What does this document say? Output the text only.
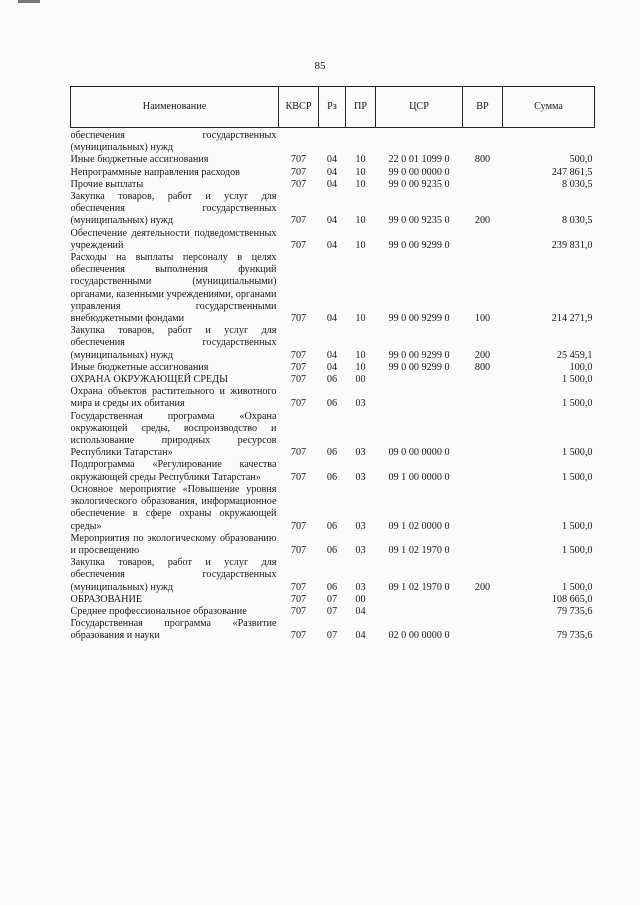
85
Наименование	КВСР	Рз	ПР	ЦСР	ВР	Сумма
обеспечения государственных (муниципальных) нужд						
Иные бюджетные ассигнования	707	04	10	22 0 01 1099 0	800	500,0
Непрограммные направления расходов	707	04	10	99 0 00 0000 0		247 861,5
Прочие выплаты	707	04	10	99 0 00 9235 0		8 030,5
Закупка товаров, работ и услуг для обеспечения государственных (муниципальных) нужд	707	04	10	99 0 00 9235 0	200	8 030,5
Обеспечение деятельности подведомственных учреждений	707	04	10	99 0 00 9299 0		239 831,0
Расходы на выплаты персоналу в целях обеспечения выполнения функций государственными (муниципальными) органами, казенными учреждениями, органами управления государственными внебюджетными фондами	707	04	10	99 0 00 9299 0	100	214 271,9
Закупка товаров, работ и услуг для обеспечения государственных (муниципальных) нужд	707	04	10	99 0 00 9299 0	200	25 459,1
Иные бюджетные ассигнования	707	04	10	99 0 00 9299 0	800	100,0
ОХРАНА ОКРУЖАЮЩЕЙ СРЕДЫ	707	06	00			1 500,0
Охрана объектов растительного и животного мира и среды их обитания	707	06	03			1 500,0
Государственная программа «Охрана окружающей среды, воспроизводство и использование природных ресурсов Республики Татарстан»	707	06	03	09 0 00 0000 0		1 500,0
Подпрограмма «Регулирование качества окружающей среды Республики Татарстан»	707	06	03	09 1 00 0000 0		1 500,0
Основное мероприятие «Повышение уровня экологического образования, информационное обеспечение в сфере охраны окружающей среды»	707	06	03	09 1 02 0000 0		1 500,0
Мероприятия по экологическому образованию и просвещению	707	06	03	09 1 02 1970 0		1 500,0
Закупка товаров, работ и услуг для обеспечения государственных (муниципальных) нужд	707	06	03	09 1 02 1970 0	200	1 500,0
ОБРАЗОВАНИЕ	707	07	00			108 665,0
Среднее профессиональное образование	707	07	04			79 735,6
Государственная программа «Развитие образования и науки	707	07	04	02 0 00 0000 0		79 735,6
